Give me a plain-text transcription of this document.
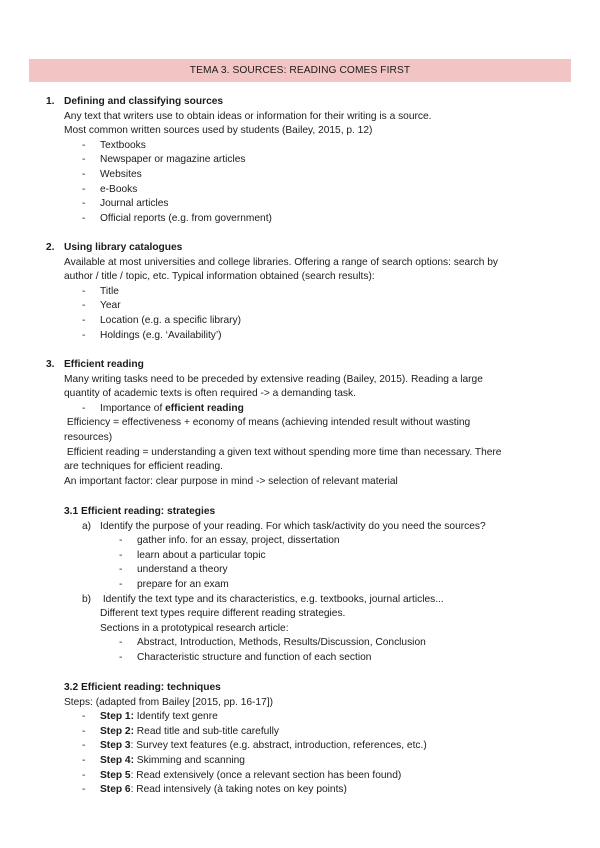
TEMA 3. SOURCES: READING COMES FIRST
1. Defining and classifying sources
Any text that writers use to obtain ideas or information for their writing is a source.
Most common written sources used by students (Bailey, 2015, p. 12)
- Textbooks
- Newspaper or magazine articles
- Websites
- e-Books
- Journal articles
- Official reports (e.g. from government)
2. Using library catalogues
Available at most universities and college libraries. Offering a range of search options: search by
author / title / topic, etc. Typical information obtained (search results):
- Title
- Year
- Location (e.g. a specific library)
- Holdings (e.g. ‘Availability’)
3. Efficient reading
Many writing tasks need to be preceded by extensive reading (Bailey, 2015). Reading a large
quantity of academic texts is often required -> a demanding task.
- Importance of efficient reading
Efficiency = effectiveness + economy of means (achieving intended result without wasting
resources)
Efficient reading = understanding a given text without spending more time than necessary. There
are techniques for efficient reading.
An important factor: clear purpose in mind -> selection of relevant material
3.1 Efficient reading: strategies
a) Identify the purpose of your reading. For which task/activity do you need the sources?
- gather info. for an essay, project, dissertation
- learn about a particular topic
- understand a theory
- prepare for an exam
b) Identify the text type and its characteristics, e.g. textbooks, journal articles...
Different text types require different reading strategies.
Sections in a prototypical research article:
- Abstract, Introduction, Methods, Results/Discussion, Conclusion
- Characteristic structure and function of each section
3.2 Efficient reading: techniques
Steps: (adapted from Bailey [2015, pp. 16-17])
- Step 1: Identify text genre
- Step 2: Read title and sub-title carefully
- Step 3: Survey text features (e.g. abstract, introduction, references, etc.)
- Step 4: Skimming and scanning
- Step 5: Read extensively (once a relevant section has been found)
- Step 6: Read intensively (à taking notes on key points)
